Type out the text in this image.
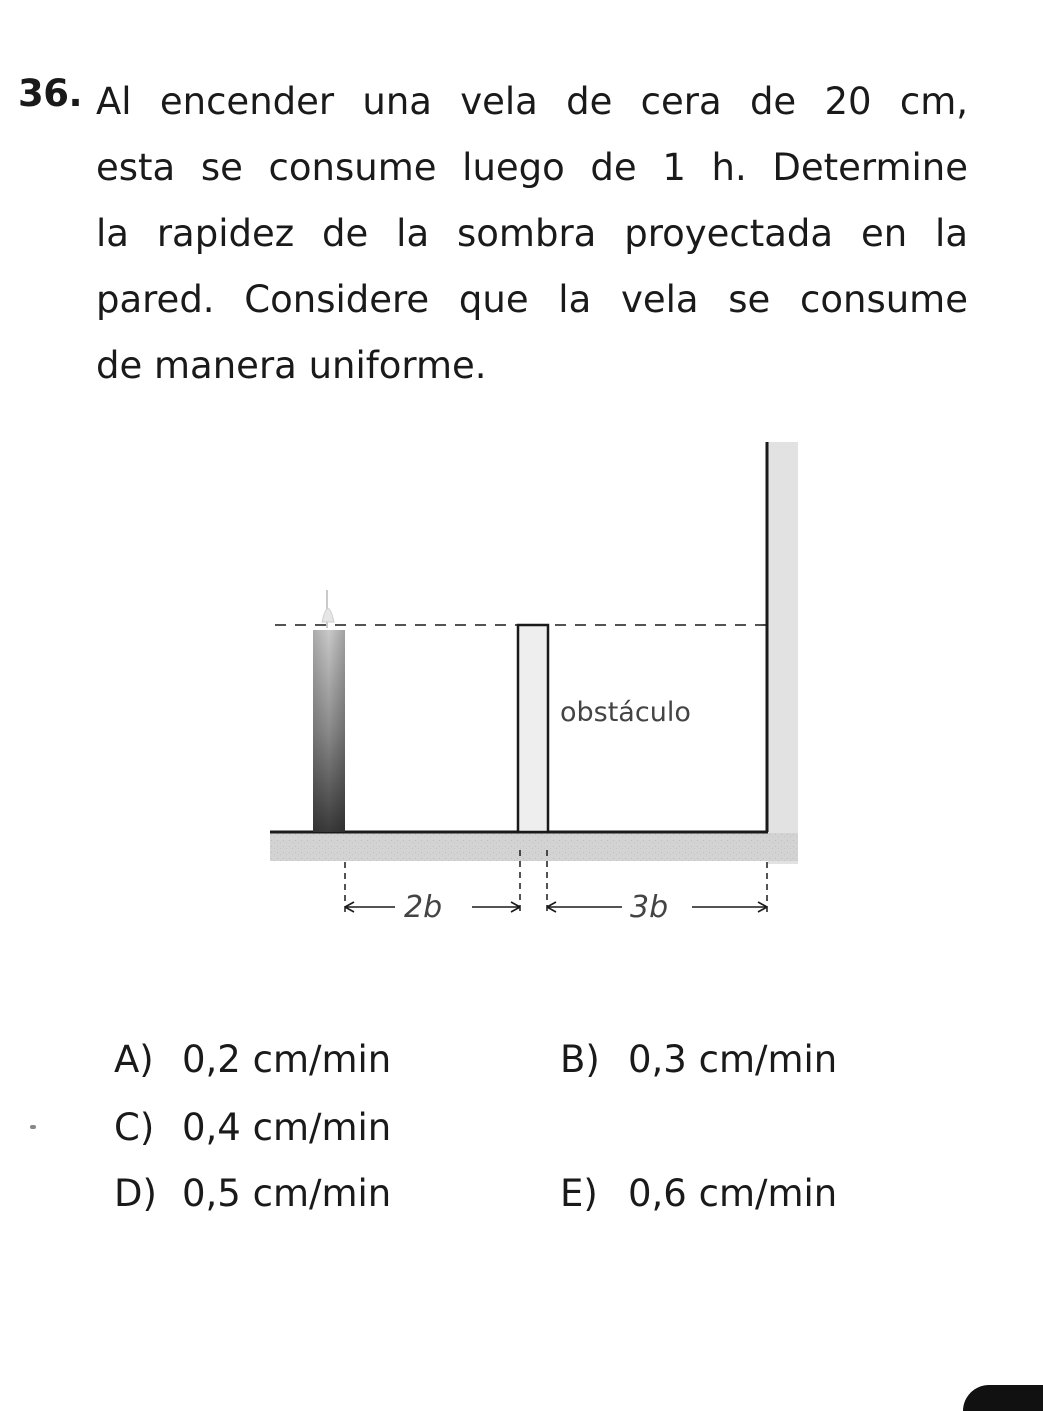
36. Al encender una vela de cera de 20 cm,
esta se consume luego de 1 h. Determine
la rapidez de la sombra proyectada en la
pared. Considere que la vela se consume
de manera uniforme.
obstáculo
2b	3b
A) 0,2 cm/min	B) 0,3 cm/min
C) 0,4 cm/min
D) 0,5 cm/min	E) 0,6 cm/min
